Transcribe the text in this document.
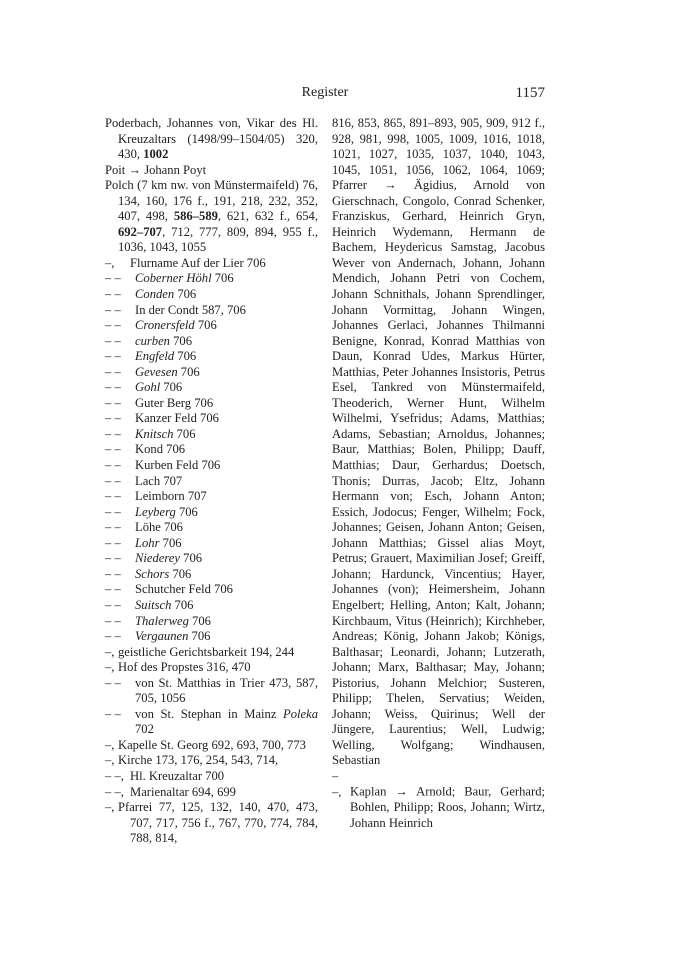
Register	1157
Poderbach, Johannes von, Vikar des Hl. Kreuzaltars (1498/99–1504/05) 320, 430, 1002
Poit → Johann Poyt
Polch (7 km nw. von Münstermaifeld) 76, 134, 160, 176 f., 191, 218, 232, 352, 407, 498, 586–589, 621, 632 f., 654, 692–707, 712, 777, 809, 894, 955 f., 1036, 1043, 1055
–, Flurname Auf der Lier 706
– – Coberner Höhl 706
– – Conden 706
– – In der Condt 587, 706
– – Cronersfeld 706
– – curben 706
– – Engfeld 706
– – Gevesen 706
– – Gohl 706
– – Guter Berg 706
– – Kanzer Feld 706
– – Knitsch 706
– – Kond 706
– – Kurben Feld 706
– – Lach 707
– – Leimborn 707
– – Leyberg 706
– – Löhe 706
– – Lohr 706
– – Niederey 706
– – Schors 706
– – Schutcher Feld 706
– – Suitsch 706
– – Thalerweg 706
– – Vergaunen 706
–, geistliche Gerichtsbarkeit 194, 244
–, Hof des Propstes 316, 470
– – von St. Matthias in Trier 473, 587, 705, 1056
– – von St. Stephan in Mainz Poleka 702
–, Kapelle St. Georg 692, 693, 700, 773
–, Kirche 173, 176, 254, 543, 714,
– –, Hl. Kreuzaltar 700
– –, Marienaltar 694, 699
–, Pfarrei 77, 125, 132, 140, 470, 473, 707, 717, 756 f., 767, 770, 774, 784, 788, 814,
816, 853, 865, 891–893, 905, 909, 912 f., 928, 981, 998, 1005, 1009, 1016, 1018, 1021, 1027, 1035, 1037, 1040, 1043, 1045, 1051, 1056, 1062, 1064, 1069; Pfarrer → Ägidius, Arnold von Gierschnach, Congolo, Conrad Schenker, Franziskus, Gerhard, Heinrich Gryn, Heinrich Wydemann, Hermann de Bachem, Heydericus Samstag, Jacobus Wever von Andernach, Johann, Johann Mendich, Johann Petri von Cochem, Johann Schnithals, Johann Sprendlinger, Johann Vormittag, Johann Wingen, Johannes Gerlaci, Johannes Thilmanni Benigne, Konrad, Konrad Matthias von Daun, Konrad Udes, Markus Hürter, Matthias, Peter Johannes Insistoris, Petrus Esel, Tankred von Münstermaifeld, Theoderich, Werner Hunt, Wilhelm Wilhelmi, Ysefridus; Adams, Matthias; Adams, Sebastian; Arnoldus, Johannes; Baur, Matthias; Bolen, Philipp; Dauff, Matthias; Daur, Gerhardus; Doetsch, Thonis; Durras, Jacob; Eltz, Johann Hermann von; Esch, Johann Anton; Essich, Jodocus; Fenger, Wilhelm; Fock, Johannes; Geisen, Johann Anton; Geisen, Johann Matthias; Gissel alias Moyt, Petrus; Grauert, Maximilian Josef; Greiff, Johann; Hardunck, Vincentius; Hayer, Johannes (von); Heimersheim, Johann Engelbert; Helling, Anton; Kalt, Johann; Kirchbaum, Vitus (Heinrich); Kirchheber, Andreas; König, Johann Jakob; Königs, Balthasar; Leonardi, Johann; Lutzerath, Johann; Marx, Balthasar; May, Johann; Pistorius, Johann Melchior; Susteren, Philipp; Thelen, Servatius; Weiden, Johann; Weiss, Quirinus; Well der Jüngere, Laurentius; Well, Ludwig; Welling, Wolfgang; Windhausen, Sebastian
– –, Kaplan → Arnold; Baur, Gerhard; Bohlen, Philipp; Roos, Johann; Wirtz, Johann Heinrich
